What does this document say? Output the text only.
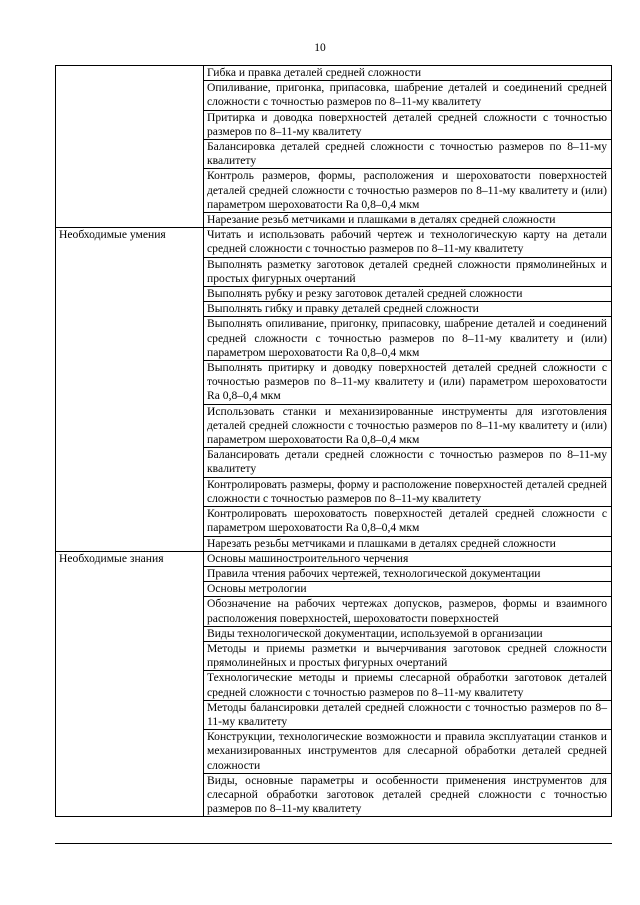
10
	Гибка и правка деталей средней сложности
	Опиливание, пригонка, припасовка, шабрение деталей и соединений средней сложности с точностью размеров по 8–11-му квалитету
	Притирка и доводка поверхностей деталей средней сложности с точностью размеров по 8–11-му квалитету
	Балансировка деталей средней сложности с точностью размеров по 8–11-му квалитету
	Контроль размеров, формы, расположения и шероховатости поверхностей деталей средней сложности с точностью размеров по 8–11-му квалитету и (или) параметром шероховатости Ra 0,8–0,4 мкм
	Нарезание резьб метчиками и плашками в деталях средней сложности
Необходимые умения	Читать и использовать рабочий чертеж и технологическую карту на детали средней сложности с точностью размеров по 8–11-му квалитету
	Выполнять разметку заготовок деталей средней сложности прямолинейных и простых фигурных очертаний
	Выполнять рубку и резку заготовок деталей средней сложности
	Выполнять гибку и правку деталей средней сложности
	Выполнять опиливание, пригонку, припасовку, шабрение деталей и соединений средней сложности с точностью размеров по 8–11-му квалитету и (или) параметром шероховатости Ra 0,8–0,4 мкм
	Выполнять притирку и доводку поверхностей деталей средней сложности с точностью размеров по 8–11-му квалитету и (или) параметром шероховатости Ra 0,8–0,4 мкм
	Использовать станки и механизированные инструменты для изготовления деталей средней сложности с точностью размеров по 8–11-му квалитету и (или) параметром шероховатости Ra 0,8–0,4 мкм
	Балансировать детали средней сложности с точностью размеров по 8–11-му квалитету
	Контролировать размеры, форму и расположение поверхностей деталей средней сложности с точностью размеров по 8–11-му квалитету
	Контролировать шероховатость поверхностей деталей средней сложности с параметром шероховатости Ra 0,8–0,4 мкм
	Нарезать резьбы метчиками и плашками в деталях средней сложности
Необходимые знания	Основы машиностроительного черчения
	Правила чтения рабочих чертежей, технологической документации
	Основы метрологии
	Обозначение на рабочих чертежах допусков, размеров, формы и взаимного расположения поверхностей, шероховатости поверхностей
	Виды технологической документации, используемой в организации
	Методы и приемы разметки и вычерчивания заготовок средней сложности прямолинейных и простых фигурных очертаний
	Технологические методы и приемы слесарной обработки заготовок деталей средней сложности с точностью размеров по 8–11-му квалитету
	Методы балансировки деталей средней сложности с точностью размеров по 8–11-му квалитету
	Конструкции, технологические возможности и правила эксплуатации станков и механизированных инструментов для слесарной обработки деталей средней сложности
	Виды, основные параметры и особенности применения инструментов для слесарной обработки заготовок деталей средней сложности с точностью размеров по 8–11-му квалитету
